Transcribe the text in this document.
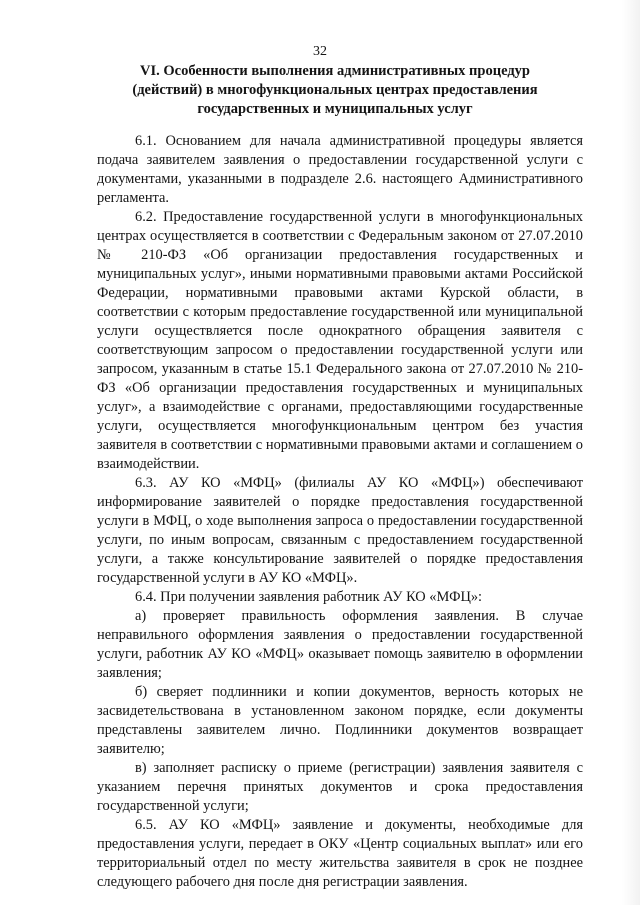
32
VI. Особенности выполнения административных процедур
(действий) в многофункциональных центрах предоставления
государственных и муниципальных услуг

6.1. Основанием для начала административной процедуры является подача заявителем заявления о предоставлении государственной услуги с документами, указанными в подразделе 2.6. настоящего Административного регламента.

6.2. Предоставление государственной услуги в многофункциональных центрах осуществляется в соответствии с Федеральным законом от 27.07.2010 № 210-ФЗ «Об организации предоставления государственных и муниципальных услуг», иными нормативными правовыми актами Российской Федерации, нормативными правовыми актами Курской области, в соответствии с которым предоставление государственной или муниципальной услуги осуществляется после однократного обращения заявителя с соответствующим запросом о предоставлении государственной услуги или запросом, указанным в статье 15.1 Федерального закона от 27.07.2010 № 210-ФЗ «Об организации предоставления государственных и муниципальных услуг», а взаимодействие с органами, предоставляющими государственные услуги, осуществляется многофункциональным центром без участия заявителя в соответствии с нормативными правовыми актами и соглашением о взаимодействии.

6.3. АУ КО «МФЦ» (филиалы АУ КО «МФЦ») обеспечивают информирование заявителей о порядке предоставления государственной услуги в МФЦ, о ходе выполнения запроса о предоставлении государственной услуги, по иным вопросам, связанным с предоставлением государственной услуги, а также консультирование заявителей о порядке предоставления государственной услуги в АУ КО «МФЦ».

6.4. При получении заявления работник АУ КО «МФЦ»:

а) проверяет правильность оформления заявления. В случае неправильного оформления заявления о предоставлении государственной услуги, работник АУ КО «МФЦ» оказывает помощь заявителю в оформлении заявления;

б) сверяет подлинники и копии документов, верность которых не засвидетельствована в установленном законом порядке, если документы представлены заявителем лично. Подлинники документов возвращает заявителю;

в) заполняет расписку о приеме (регистрации) заявления заявителя с указанием перечня принятых документов и срока предоставления государственной услуги;

6.5. АУ КО «МФЦ» заявление и документы, необходимые для предоставления услуги, передает в ОКУ «Центр социальных выплат» или его территориальный отдел по месту жительства заявителя в срок не позднее следующего рабочего дня после дня регистрации заявления.
